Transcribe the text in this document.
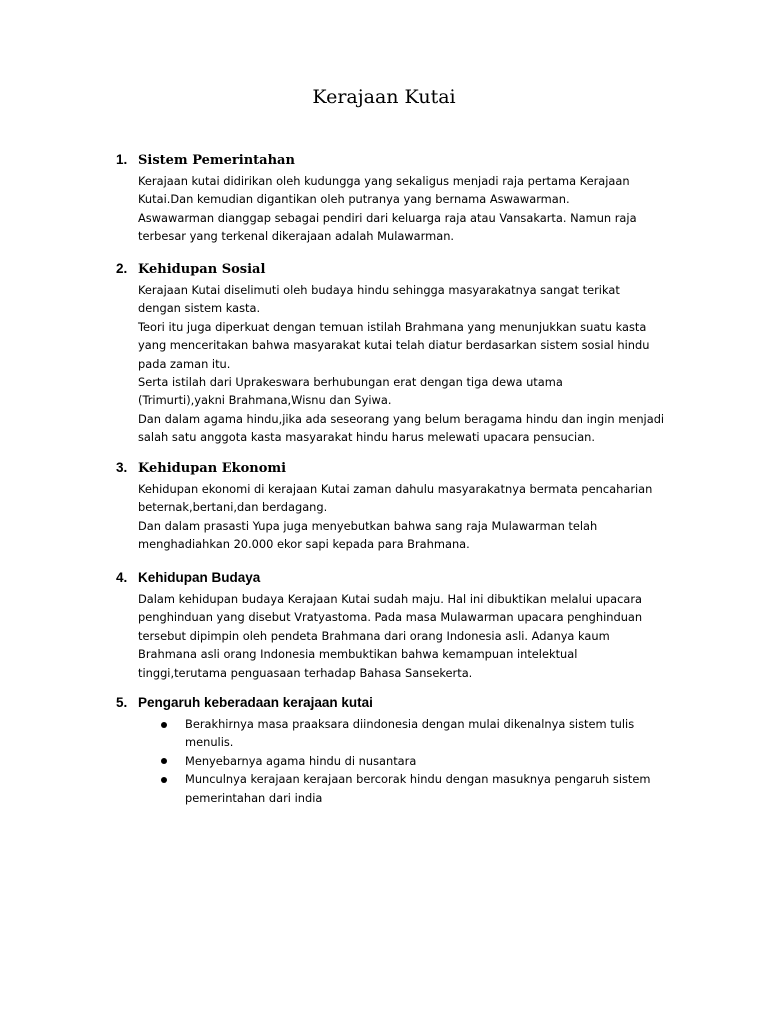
Kerajaan Kutai
1. Sistem Pemerintahan
Kerajaan kutai didirikan oleh kudungga yang sekaligus menjadi raja pertama Kerajaan
Kutai.Dan kemudian digantikan oleh putranya yang bernama Aswawarman.
Aswawarman dianggap sebagai pendiri dari keluarga raja atau Vansakarta. Namun raja
terbesar yang terkenal dikerajaan adalah Mulawarman.
2. Kehidupan Sosial
Kerajaan Kutai diselimuti oleh budaya hindu sehingga masyarakatnya sangat terikat
dengan sistem kasta.
Teori itu juga diperkuat dengan temuan istilah Brahmana yang menunjukkan suatu kasta
yang menceritakan bahwa masyarakat kutai telah diatur berdasarkan sistem sosial hindu
pada zaman itu.
Serta istilah dari Uprakeswara berhubungan erat dengan tiga dewa utama
(Trimurti),yakni Brahmana,Wisnu dan Syiwa.
Dan dalam agama hindu,jika ada seseorang yang belum beragama hindu dan ingin menjadi
salah satu anggota kasta masyarakat hindu harus melewati upacara pensucian.
3. Kehidupan Ekonomi
Kehidupan ekonomi di kerajaan Kutai zaman dahulu masyarakatnya bermata pencaharian
beternak,bertani,dan berdagang.
Dan dalam prasasti Yupa juga menyebutkan bahwa sang raja Mulawarman telah
menghadiahkan 20.000 ekor sapi kepada para Brahmana.
4. Kehidupan Budaya
Dalam kehidupan budaya Kerajaan Kutai sudah maju. Hal ini dibuktikan melalui upacara
penghinduan yang disebut Vratyastoma. Pada masa Mulawarman upacara penghinduan
tersebut dipimpin oleh pendeta Brahmana dari orang Indonesia asli. Adanya kaum
Brahmana asli orang Indonesia membuktikan bahwa kemampuan intelektual
tinggi,terutama penguasaan terhadap Bahasa Sansekerta.
5. Pengaruh keberadaan kerajaan kutai
Berakhirnya masa praaksara diindonesia dengan mulai dikenalnya sistem tulis
menulis.
Menyebarnya agama hindu di nusantara
Munculnya kerajaan kerajaan bercorak hindu dengan masuknya pengaruh sistem
pemerintahan dari india
